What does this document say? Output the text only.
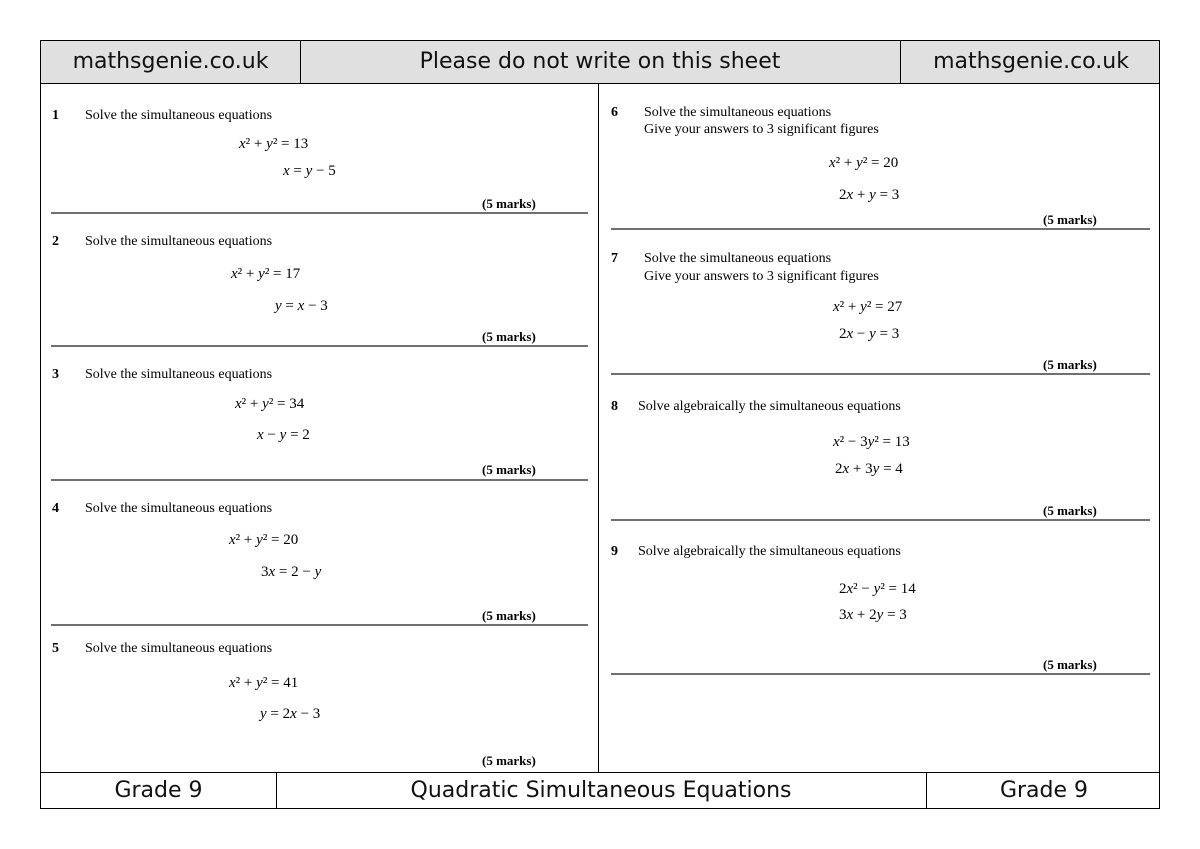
mathsgenie.co.uk	Please do not write on this sheet	mathsgenie.co.uk
1 Solve the simultaneous equations
x² + y² = 13
x = y − 5
(5 marks)
2 Solve the simultaneous equations
x² + y² = 17
y = x − 3
(5 marks)
3 Solve the simultaneous equations
x² + y² = 34
x − y = 2
(5 marks)
4 Solve the simultaneous equations
x² + y² = 20
3x = 2 − y
(5 marks)
5 Solve the simultaneous equations
x² + y² = 41
y = 2x − 3
(5 marks)
6 Solve the simultaneous equations
Give your answers to 3 significant figures
x² + y² = 20
2x + y = 3
(5 marks)
7 Solve the simultaneous equations
Give your answers to 3 significant figures
x² + y² = 27
2x − y = 3
(5 marks)
8 Solve algebraically the simultaneous equations
x² − 3y² = 13
2x + 3y = 4
(5 marks)
9 Solve algebraically the simultaneous equations
2x² − y² = 14
3x + 2y = 3
(5 marks)
Grade 9	Quadratic Simultaneous Equations	Grade 9
